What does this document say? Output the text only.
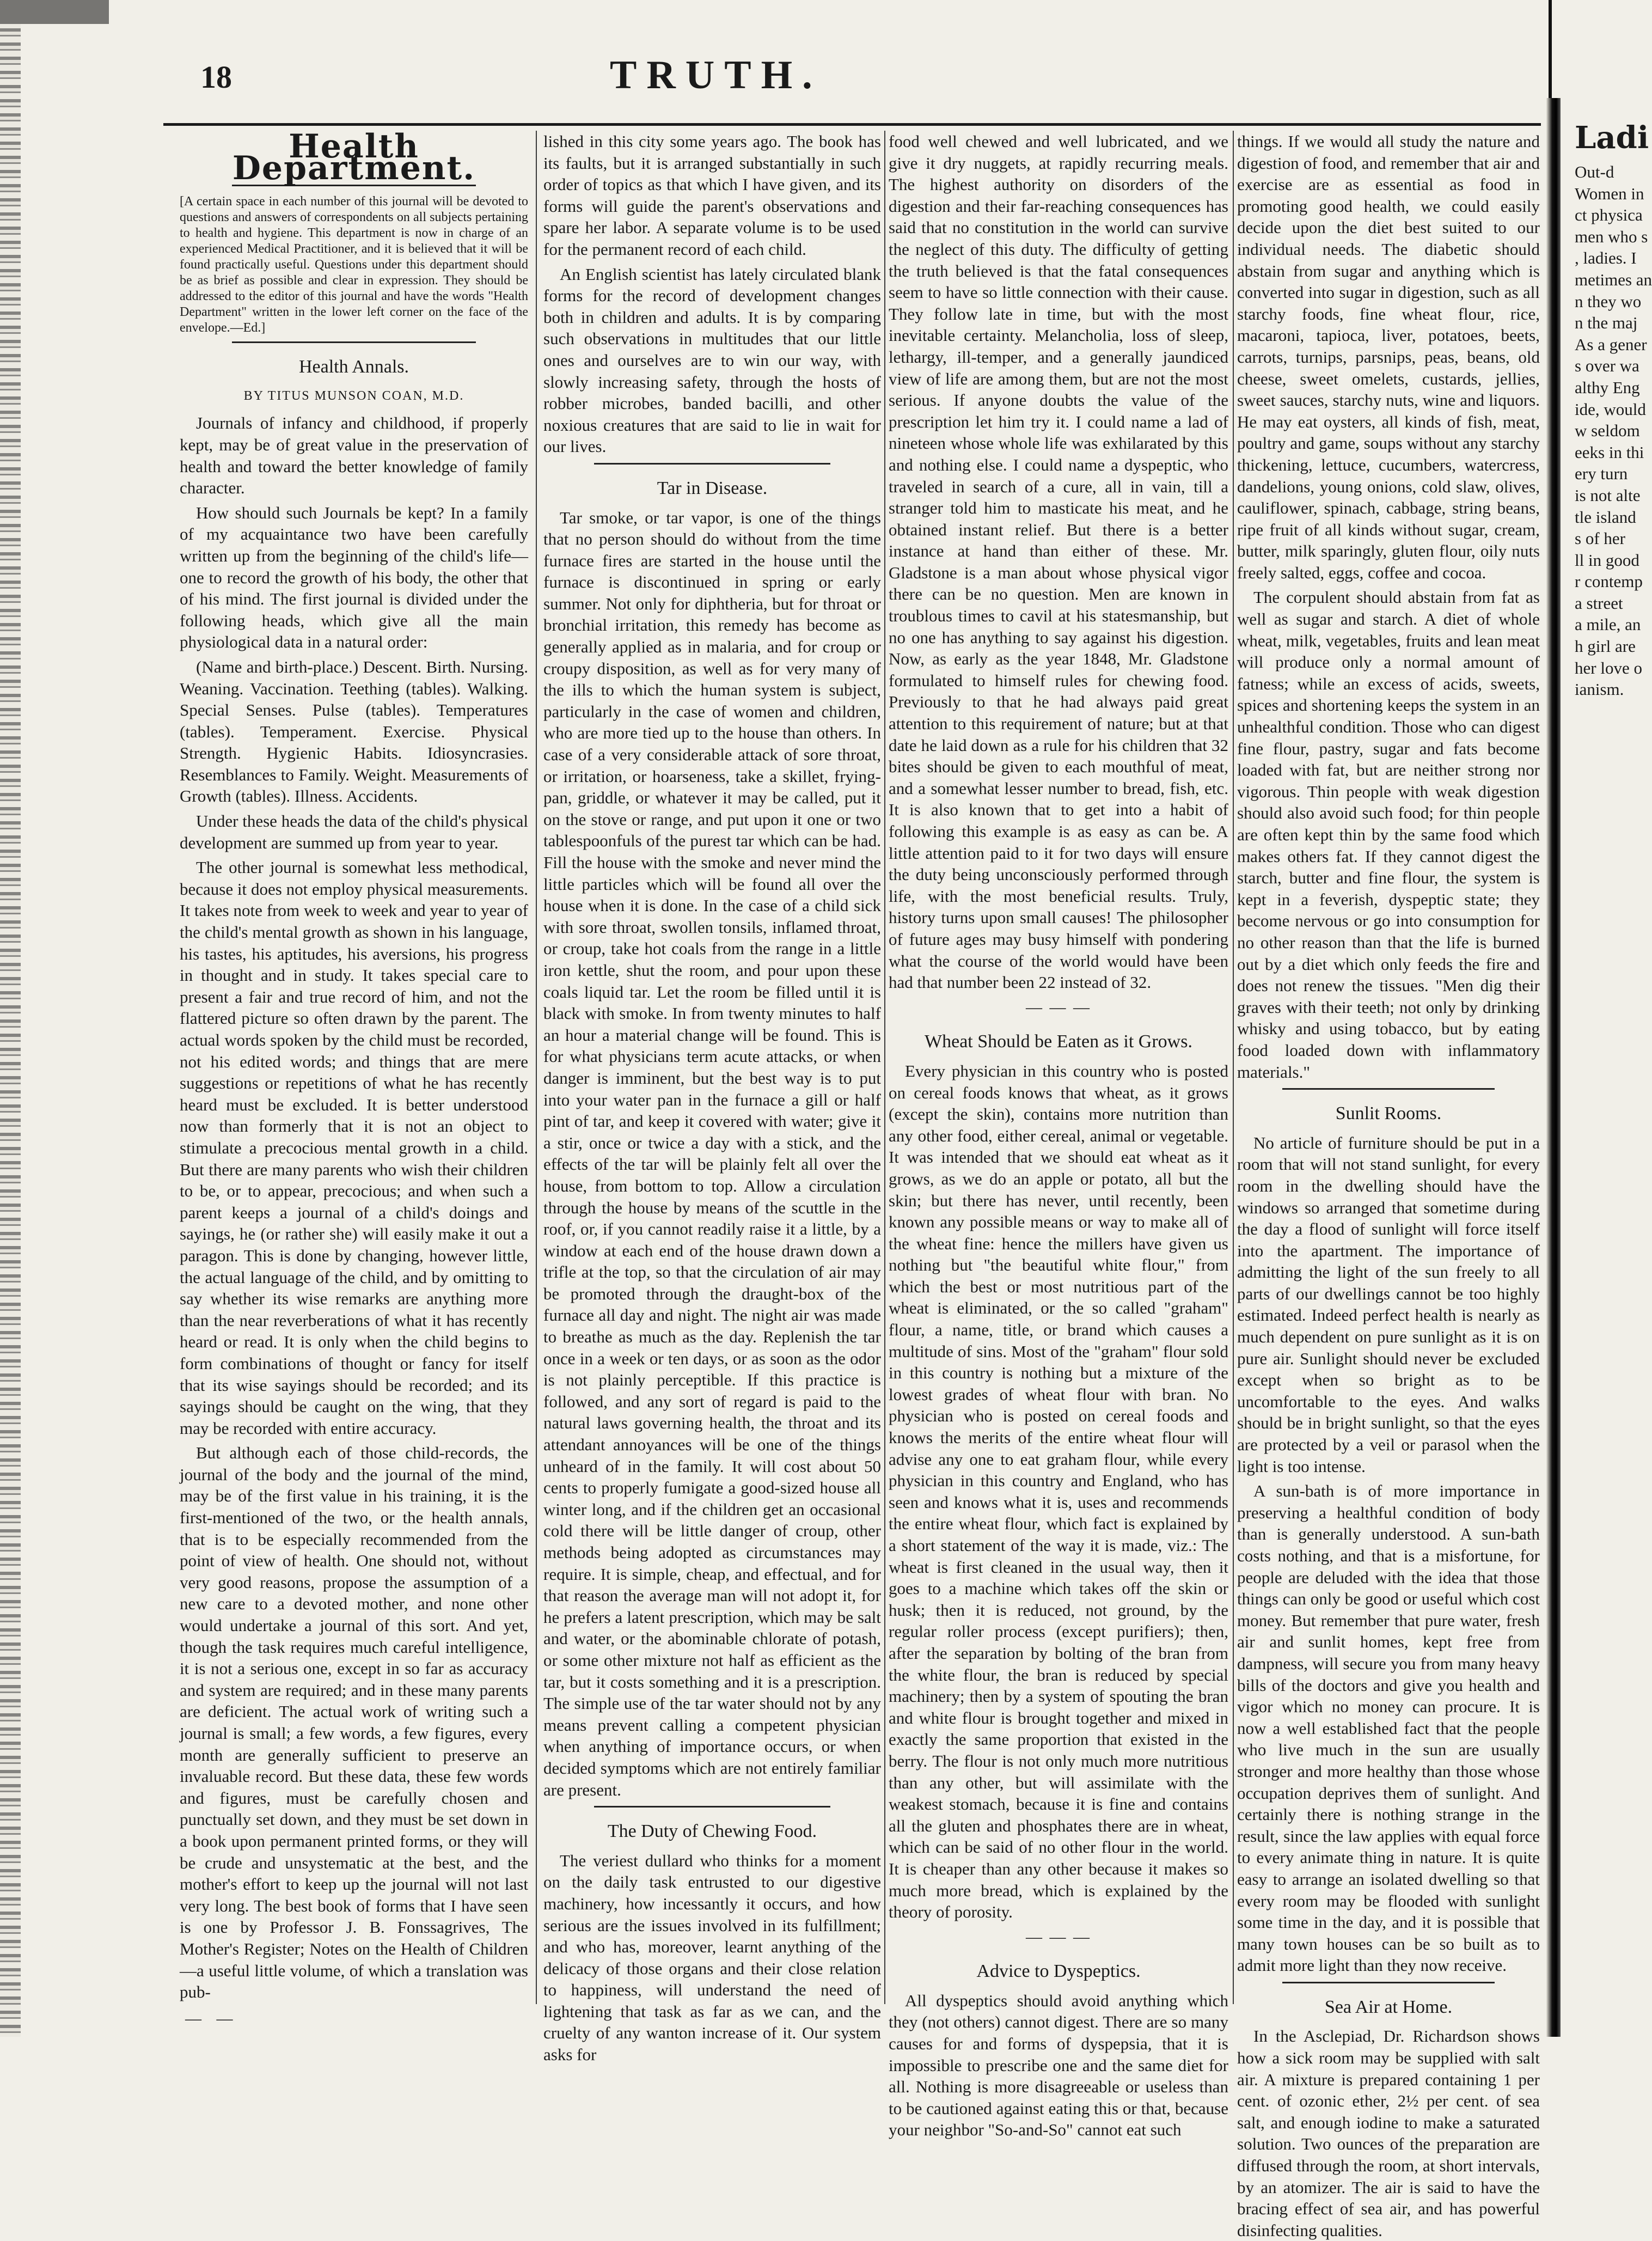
18	TRUTH.
Health Department.
[A certain space in each number of this journal will be devoted to questions and answers of correspondents on all subjects pertaining to health and hygiene. This department is now in charge of an experienced Medical Practitioner, and it is believed that it will be found practically useful. Questions under this department should be as brief as possible and clear in expression. They should be addressed to the editor of this journal and have the words "Health Department" written in the lower left corner on the face of the envelope.—Ed.]
Health Annals.
BY TITUS MUNSON COAN, M.D.

Journals of infancy and childhood, if properly kept, may be of great value in the preservation of health and toward the better knowledge of family character.

How should such Journals be kept? In a family of my acquaintance two have been carefully written up from the beginning of the child's life—one to record the growth of his body, the other that of his mind. The first journal is divided under the following heads, which give all the main physiological data in a natural order:

(Name and birth-place.) Descent. Birth. Nursing. Weaning. Vaccination. Teething (tables). Walking. Special Senses. Pulse (tables). Temperatures (tables). Temperament. Exercise. Physical Strength. Hygienic Habits. Idiosyncrasies. Resemblances to Family. Weight. Measurements of Growth (tables). Illness. Accidents.

Under these heads the data of the child's physical development are summed up from year to year.

The other journal is somewhat less methodical, because it does not employ physical measurements. It takes note from week to week and year to year of the child's mental growth as shown in his language, his tastes, his aptitudes, his aversions, his progress in thought and in study. It takes special care to present a fair and true record of him, and not the flattered picture so often drawn by the parent. The actual words spoken by the child must be recorded, not his edited words; and things that are mere suggestions or repetitions of what he has recently heard must be excluded. It is better understood now than formerly that it is not an object to stimulate a precocious mental growth in a child. But there are many parents who wish their children to be, or to appear, precocious; and when such a parent keeps a journal of a child's doings and sayings, he (or rather she) will easily make it out a paragon. This is done by changing, however little, the actual language of the child, and by omitting to say whether its wise remarks are anything more than the near reverberations of what it has recently heard or read. It is only when the child begins to form combinations of thought or fancy for itself that its wise sayings should be recorded; and its sayings should be caught on the wing, that they may be recorded with entire accuracy.

But although each of those child-records, the journal of the body and the journal of the mind, may be of the first value in his training, it is the first-mentioned of the two, or the health annals, that is to be especially recommended from the point of view of health. One should not, without very good reasons, propose the assumption of a new care to a devoted mother, and none other would undertake a journal of this sort. And yet, though the task requires much careful intelligence, it is not a serious one, except in so far as accuracy and system are required; and in these many parents are deficient. The actual work of writing such a journal is small; a few words, a few figures, every month are generally sufficient to preserve an invaluable record. But these data, these few words and figures, must be carefully chosen and punctually set down, and they must be set down in a book upon permanent printed forms, or they will be crude and unsystematic at the best, and the mother's effort to keep up the journal will not last very long. The best book of forms that I have seen is one by Professor J. B. Fonssagrives, The Mother's Register; Notes on the Health of Children—a useful little volume, of which a translation was pub-

lished in this city some years ago. The book has its faults, but it is arranged substantially in such order of topics as that which I have given, and its forms will guide the parent's observations and spare her labor. A separate volume is to be used for the permanent record of each child.

An English scientist has lately circulated blank forms for the record of development changes both in children and adults. It is by comparing such observations in multitudes that our little ones and ourselves are to win our way, with slowly increasing safety, through the hosts of robber microbes, banded bacilli, and other noxious creatures that are said to lie in wait for our lives.

Tar in Disease.

Tar smoke, or tar vapor, is one of the things that no person should do without from the time furnace fires are started in the house until the furnace is discontinued in spring or early summer. Not only for diphtheria, but for throat or bronchial irritation, this remedy has become as generally applied as in malaria, and for croup or croupy disposition, as well as for very many of the ills to which the human system is subject, particularly in the case of women and children, who are more tied up to the house than others. In case of a very considerable attack of sore throat, or irritation, or hoarseness, take a skillet, frying-pan, griddle, or whatever it may be called, put it on the stove or range, and put upon it one or two tablespoonfuls of the purest tar which can be had. Fill the house with the smoke and never mind the little particles which will be found all over the house when it is done. In the case of a child sick with sore throat, swollen tonsils, inflamed throat, or croup, take hot coals from the range in a little iron kettle, shut the room, and pour upon these coals liquid tar. Let the room be filled until it is black with smoke. In from twenty minutes to half an hour a material change will be found. This is for what physicians term acute attacks, or when danger is imminent, but the best way is to put into your water pan in the furnace a gill or half pint of tar, and keep it covered with water; give it a stir, once or twice a day with a stick, and the effects of the tar will be plainly felt all over the house, from bottom to top. Allow a circulation through the house by means of the scuttle in the roof, or, if you cannot readily raise it a little, by a window at each end of the house drawn down a trifle at the top, so that the circulation of air may be promoted through the draught-box of the furnace all day and night. The night air was made to breathe as much as the day. Replenish the tar once in a week or ten days, or as soon as the odor is not plainly perceptible. If this practice is followed, and any sort of regard is paid to the natural laws governing health, the throat and its attendant annoyances will be one of the things unheard of in the family. It will cost about 50 cents to properly fumigate a good-sized house all winter long, and if the children get an occasional cold there will be little danger of croup, other methods being adopted as circumstances may require. It is simple, cheap, and effectual, and for that reason the average man will not adopt it, for he prefers a latent prescription, which may be salt and water, or the abominable chlorate of potash, or some other mixture not half as efficient as the tar, but it costs something and it is a prescription. The simple use of the tar water should not by any means prevent calling a competent physician when anything of importance occurs, or when decided symptoms which are not entirely familiar are present.

The Duty of Chewing Food.

The veriest dullard who thinks for a moment on the daily task entrusted to our digestive machinery, how incessantly it occurs, and how serious are the issues involved in its fulfillment; and who has, moreover, learnt anything of the delicacy of those organs and their close relation to happiness, will understand the need of lightening that task as far as we can, and the cruelty of any wanton increase of it. Our system asks for

food well chewed and well lubricated, and we give it dry nuggets, at rapidly recurring meals. The highest authority on disorders of the digestion and their far-reaching consequences has said that no constitution in the world can survive the neglect of this duty. The difficulty of getting the truth believed is that the fatal consequences seem to have so little connection with their cause. They follow late in time, but with the most inevitable certainty. Melancholia, loss of sleep, lethargy, ill-temper, and a generally jaundiced view of life are among them, but are not the most serious. If anyone doubts the value of the prescription let him try it. I could name a lad of nineteen whose whole life was exhilarated by this and nothing else. I could name a dyspeptic, who traveled in search of a cure, all in vain, till a stranger told him to masticate his meat, and he obtained instant relief. But there is a better instance at hand than either of these. Mr. Gladstone is a man about whose physical vigor there can be no question. Men are known in troublous times to cavil at his statesmanship, but no one has anything to say against his digestion. Now, as early as the year 1848, Mr. Gladstone formulated to himself rules for chewing food. Previously to that he had always paid great attention to this requirement of nature; but at that date he laid down as a rule for his children that 32 bites should be given to each mouthful of meat, and a somewhat lesser number to bread, fish, etc. It is also known that to get into a habit of following this example is as easy as can be. A little attention paid to it for two days will ensure the duty being unconsciously performed through life, with the most beneficial results. Truly, history turns upon small causes! The philosopher of future ages may busy himself with pondering what the course of the world would have been had that number been 22 instead of 32.

— — —
Wheat Should be Eaten as it Grows.

Every physician in this country who is posted on cereal foods knows that wheat, as it grows (except the skin), contains more nutrition than any other food, either cereal, animal or vegetable. It was intended that we should eat wheat as it grows, as we do an apple or potato, all but the skin; but there has never, until recently, been known any possible means or way to make all of the wheat fine: hence the millers have given us nothing but "the beautiful white flour," from which the best or most nutritious part of the wheat is eliminated, or the so called "graham" flour, a name, title, or brand which causes a multitude of sins. Most of the "graham" flour sold in this country is nothing but a mixture of the lowest grades of wheat flour with bran. No physician who is posted on cereal foods and knows the merits of the entire wheat flour will advise any one to eat graham flour, while every physician in this country and England, who has seen and knows what it is, uses and recommends the entire wheat flour, which fact is explained by a short statement of the way it is made, viz.: The wheat is first cleaned in the usual way, then it goes to a machine which takes off the skin or husk; then it is reduced, not ground, by the regular roller process (except purifiers); then, after the separation by bolting of the bran from the white flour, the bran is reduced by special machinery; then by a system of spouting the bran and white flour is brought together and mixed in exactly the same proportion that existed in the berry. The flour is not only much more nutritious than any other, but will assimilate with the weakest stomach, because it is fine and contains all the gluten and phosphates there are in wheat, which can be said of no other flour in the world. It is cheaper than any other because it makes so much more bread, which is explained by the theory of porosity.

— — —
Advice to Dyspeptics.

All dyspeptics should avoid anything which they (not others) cannot digest. There are so many causes for and forms of dyspepsia, that it is impossible to prescribe one and the same diet for all. Nothing is more disagreeable or useless than to be cautioned against eating this or that, because your neighbor "So-and-So" cannot eat such

things. If we would all study the nature and digestion of food, and remember that air and exercise are as essential as food in promoting good health, we could easily decide upon the diet best suited to our individual needs. The diabetic should abstain from sugar and anything which is converted into sugar in digestion, such as all starchy foods, fine wheat flour, rice, macaroni, tapioca, liver, potatoes, beets, carrots, turnips, parsnips, peas, beans, old cheese, sweet omelets, custards, jellies, sweet sauces, starchy nuts, wine and liquors. He may eat oysters, all kinds of fish, meat, poultry and game, soups without any starchy thickening, lettuce, cucumbers, watercress, dandelions, young onions, cold slaw, olives, cauliflower, spinach, cabbage, string beans, ripe fruit of all kinds without sugar, cream, butter, milk sparingly, gluten flour, oily nuts freely salted, eggs, coffee and cocoa.

The corpulent should abstain from fat as well as sugar and starch. A diet of whole wheat, milk, vegetables, fruits and lean meat will produce only a normal amount of fatness; while an excess of acids, sweets, spices and shortening keeps the system in an unhealthful condition. Those who can digest fine flour, pastry, sugar and fats become loaded with fat, but are neither strong nor vigorous. Thin people with weak digestion should also avoid such food; for thin people are often kept thin by the same food which makes others fat. If they cannot digest the starch, butter and fine flour, the system is kept in a feverish, dyspeptic state; they become nervous or go into consumption for no other reason than that the life is burned out by a diet which only feeds the fire and does not renew the tissues. "Men dig their graves with their teeth; not only by drinking whisky and using tobacco, but by eating food loaded down with inflammatory materials."

Sunlit Rooms.

No article of furniture should be put in a room that will not stand sunlight, for every room in the dwelling should have the windows so arranged that sometime during the day a flood of sunlight will force itself into the apartment. The importance of admitting the light of the sun freely to all parts of our dwellings cannot be too highly estimated. Indeed perfect health is nearly as much dependent on pure sunlight as it is on pure air. Sunlight should never be excluded except when so bright as to be uncomfortable to the eyes. And walks should be in bright sunlight, so that the eyes are protected by a veil or parasol when the light is too intense.

A sun-bath is of more importance in preserving a healthful condition of body than is generally understood. A sun-bath costs nothing, and that is a misfortune, for people are deluded with the idea that those things can only be good or useful which cost money. But remember that pure water, fresh air and sunlit homes, kept free from dampness, will secure you from many heavy bills of the doctors and give you health and vigor which no money can procure. It is now a well established fact that the people who live much in the sun are usually stronger and more healthy than those whose occupation deprives them of sunlight. And certainly there is nothing strange in the result, since the law applies with equal force to every animate thing in nature. It is quite easy to arrange an isolated dwelling so that every room may be flooded with sunlight some time in the day, and it is possible that many town houses can be so built as to admit more light than they now receive.

Sea Air at Home.

In the Asclepiad, Dr. Richardson shows how a sick room may be supplied with salt air. A mixture is prepared containing 1 per cent. of ozonic ether, 2½ per cent. of sea salt, and enough iodine to make a saturated solution. Two ounces of the preparation are diffused through the room, at short intervals, by an atomizer. The air is said to have the bracing effect of sea air, and has powerful disinfecting qualities.

Ladi
Out-d
Women in
ct physica
men who s
, ladies. I
metimes an
n they wo
n the maj
As a gener
s over wa
althy Eng
ide, would
w seldom
eeks in thi
ery turn
is not alte
tle island
s of her
ll in good
r contemp
a street
a mile, an
h girl are
her love o
ianism.
— —
